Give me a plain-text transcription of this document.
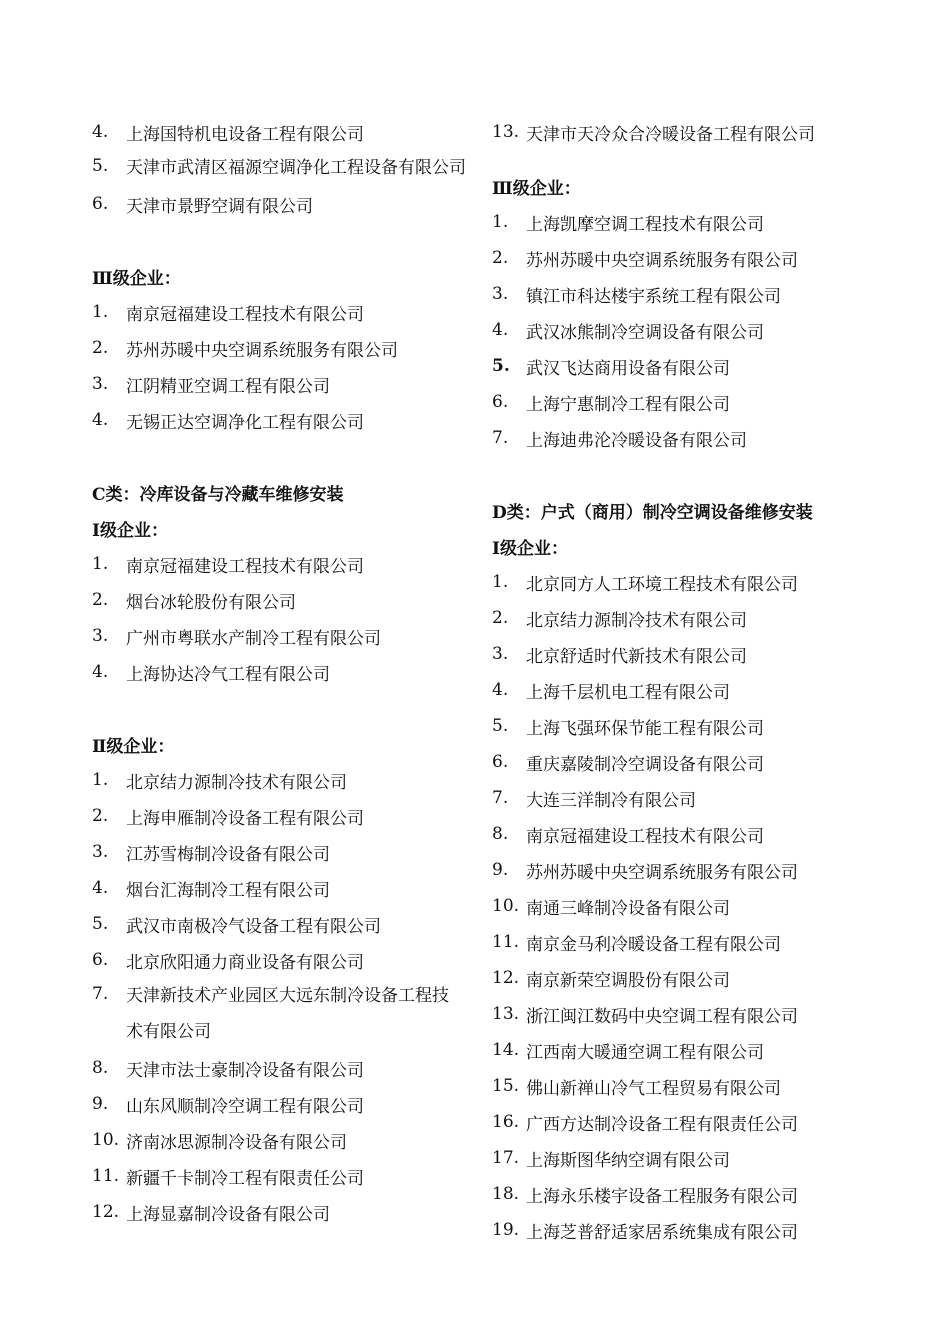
4.	上海国特机电设备工程有限公司
5.	天津市武清区福源空调净化工程设备有限公司
6.	天津市景野空调有限公司
Ⅲ级企业：
1.	南京冠福建设工程技术有限公司
2.	苏州苏暖中央空调系统服务有限公司
3.	江阴精亚空调工程有限公司
4.	无锡正达空调净化工程有限公司
C类：冷库设备与冷藏车维修安装
Ⅰ级企业：
1.	南京冠福建设工程技术有限公司
2.	烟台冰轮股份有限公司
3.	广州市粤联水产制冷工程有限公司
4.	上海协达冷气工程有限公司
Ⅱ级企业：
1.	北京结力源制冷技术有限公司
2.	上海申雁制冷设备工程有限公司
3.	江苏雪梅制冷设备有限公司
4.	烟台汇海制冷工程有限公司
5.	武汉市南极冷气设备工程有限公司
6.	北京欣阳通力商业设备有限公司
7.	天津新技术产业园区大远东制冷设备工程技术有限公司
8.	天津市法士豪制冷设备有限公司
9.	山东风顺制冷空调工程有限公司
10. 济南冰思源制冷设备有限公司
11. 新疆千卡制冷工程有限责任公司
12. 上海显嘉制冷设备有限公司
13. 天津市天冷众合冷暖设备工程有限公司
Ⅲ级企业：
1.	上海凯摩空调工程技术有限公司
2.	苏州苏暖中央空调系统服务有限公司
3.	镇江市科达楼宇系统工程有限公司
4.	武汉冰熊制冷空调设备有限公司
5. 武汉飞达商用设备有限公司
6.	上海宁惠制冷工程有限公司
7.	上海迪弗沦冷暖设备有限公司
D类：户式（商用）制冷空调设备维修安装
Ⅰ级企业：
1.	北京同方人工环境工程技术有限公司
2.	北京结力源制冷技术有限公司
3.	北京舒适时代新技术有限公司
4.	上海千层机电工程有限公司
5.	上海飞强环保节能工程有限公司
6.	重庆嘉陵制冷空调设备有限公司
7.	大连三洋制冷有限公司
8.	南京冠福建设工程技术有限公司
9.	苏州苏暖中央空调系统服务有限公司
10. 南通三峰制冷设备有限公司
11. 南京金马利冷暖设备工程有限公司
12. 南京新荣空调股份有限公司
13. 浙江闽江数码中央空调工程有限公司
14. 江西南大暖通空调工程有限公司
15. 佛山新禅山冷气工程贸易有限公司
16. 广西方达制冷设备工程有限责任公司
17. 上海斯图华纳空调有限公司
18. 上海永乐楼宇设备工程服务有限公司
19. 上海芝普舒适家居系统集成有限公司
